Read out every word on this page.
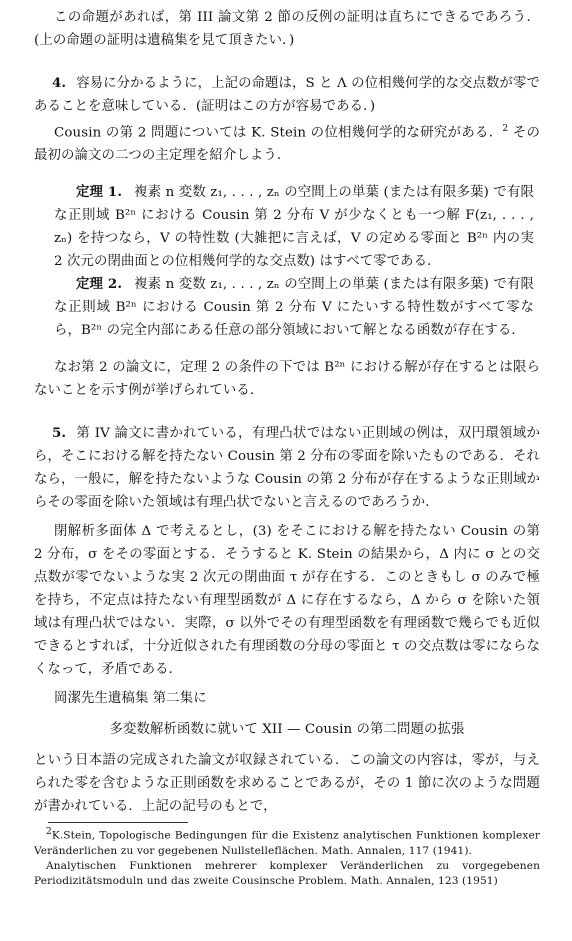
この命題があれば，第 III 論文第 2 節の反例の証明は直ちにできるであろう．(上の命題の証明は遺稿集を見て頂きたい．)

4. 容易に分かるように，上記の命題は，S と Λ の位相幾何学的な交点数が零であることを意味している．(証明はこの方が容易である．)

Cousin の第 2 問題については K. Stein の位相幾何学的な研究がある．$^2$ その最初の論文の二つの主定理を紹介しよう．

定理 1. 複素 n 変数 z₁, . . . , zₙ の空間上の単葉 (または有限多葉) で有限な正則域 B²ⁿ における Cousin 第 2 分布 V が少なくとも一つ解 F(z₁, . . . , zₙ) を持つなら，V の特性数 (大雑把に言えば，V の定める零面と B²ⁿ 内の実 2 次元の閉曲面との位相幾何学的な交点数) はすべて零である．

定理 2. 複素 n 変数 z₁, . . . , zₙ の空間上の単葉 (または有限多葉) で有限な正則域 B²ⁿ における Cousin 第 2 分布 V にたいする特性数がすべて零なら，B²ⁿ の完全内部にある任意の部分領域において解となる函数が存在する．

なお第 2 の論文に，定理 2 の条件の下では B²ⁿ における解が存在するとは限らないことを示す例が挙げられている．

5. 第 IV 論文に書かれている，有理凸状ではない正則域の例は，双円環領域から，そこにおける解を持たない Cousin 第 2 分布の零面を除いたものである．それなら，一般に，解を持たないような Cousin の第 2 分布が存在するような正則域からその零面を除いた領域は有理凸状でないと言えるのであろうか．

閉解析多面体 Δ で考えるとし，(3) をそこにおける解を持たない Cousin の第 2 分布，σ をその零面とする．そうすると K. Stein の結果から，Δ 内に σ との交点数が零でないような実 2 次元の閉曲面 τ が存在する．このときもし σ のみで極を持ち，不定点は持たない有理型函数が Δ に存在するなら，Δ から σ を除いた領域は有理凸状ではない．実際，σ 以外でその有理型函数を有理函数で幾らでも近似できるとすれば，十分近似された有理函数の分母の零面と τ の交点数は零にならなくなって，矛盾である．

岡潔先生遺稿集 第二集に

多変数解析函数に就いて XII — Cousin の第二問題の拡張

という日本語の完成された論文が収録されている．この論文の内容は，零が，与えられた零を含むような正則函数を求めることであるが，その 1 節に次のような問題が書かれている．上記の記号のもとで，

$^2$K.Stein, Topologische Bedingungen für die Existenz analytischen Funktionen komplexer Veränderlichen zu vor gegebenen Nullstelleflächen. Math. Annalen, 117 (1941).

Analytischen Funktionen mehrerer komplexer Veränderlichen zu vorgegebenen Periodizitätsmoduln und das zweite Cousinsche Problem. Math. Annalen, 123 (1951)
